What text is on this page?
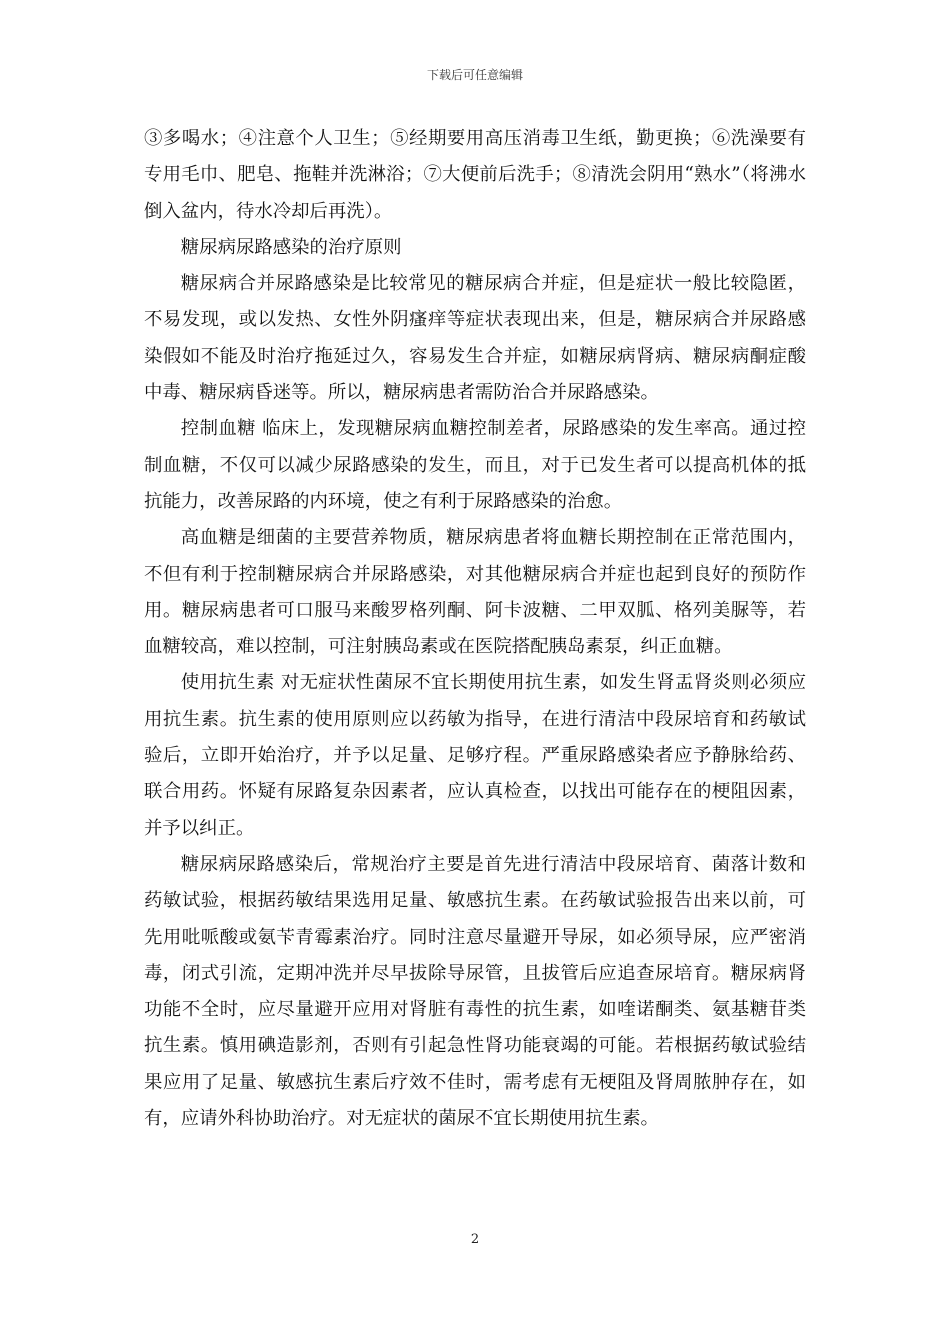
下载后可任意编辑

③多喝水；④注意个人卫生；⑤经期要用高压消毒卫生纸，勤更换；⑥洗澡要有专用毛巾、肥皂、拖鞋并洗淋浴；⑦大便前后洗手；⑧清洗会阴用“熟水”（将沸水倒入盆内，待水冷却后再洗）。

糖尿病尿路感染的治疗原则

糖尿病合并尿路感染是比较常见的糖尿病合并症，但是症状一般比较隐匿，不易发现，或以发热、女性外阴瘙痒等症状表现出来，但是，糖尿病合并尿路感染假如不能及时治疗拖延过久，容易发生合并症，如糖尿病肾病、糖尿病酮症酸中毒、糖尿病昏迷等。所以，糖尿病患者需防治合并尿路感染。

控制血糖 临床上，发现糖尿病血糖控制差者，尿路感染的发生率高。通过控制血糖，不仅可以减少尿路感染的发生，而且，对于已发生者可以提高机体的抵抗能力，改善尿路的内环境，使之有利于尿路感染的治愈。

高血糖是细菌的主要营养物质，糖尿病患者将血糖长期控制在正常范围内，不但有利于控制糖尿病合并尿路感染，对其他糖尿病合并症也起到良好的预防作用。糖尿病患者可口服马来酸罗格列酮、阿卡波糖、二甲双胍、格列美脲等，若血糖较高，难以控制，可注射胰岛素或在医院搭配胰岛素泵，纠正血糖。

使用抗生素 对无症状性菌尿不宜长期使用抗生素，如发生肾盂肾炎则必须应用抗生素。抗生素的使用原则应以药敏为指导，在进行清洁中段尿培育和药敏试验后，立即开始治疗，并予以足量、足够疗程。严重尿路感染者应予静脉给药、联合用药。怀疑有尿路复杂因素者，应认真检查，以找出可能存在的梗阻因素，并予以纠正。

糖尿病尿路感染后，常规治疗主要是首先进行清洁中段尿培育、菌落计数和药敏试验，根据药敏结果选用足量、敏感抗生素。在药敏试验报告出来以前，可先用吡哌酸或氨苄青霉素治疗。同时注意尽量避开导尿，如必须导尿，应严密消毒，闭式引流，定期冲洗并尽早拔除导尿管，且拔管后应追查尿培育。糖尿病肾功能不全时，应尽量避开应用对肾脏有毒性的抗生素，如喹诺酮类、氨基糖苷类抗生素。慎用碘造影剂，否则有引起急性肾功能衰竭的可能。若根据药敏试验结果应用了足量、敏感抗生素后疗效不佳时，需考虑有无梗阻及肾周脓肿存在，如有，应请外科协助治疗。对无症状的菌尿不宜长期使用抗生素。

2
